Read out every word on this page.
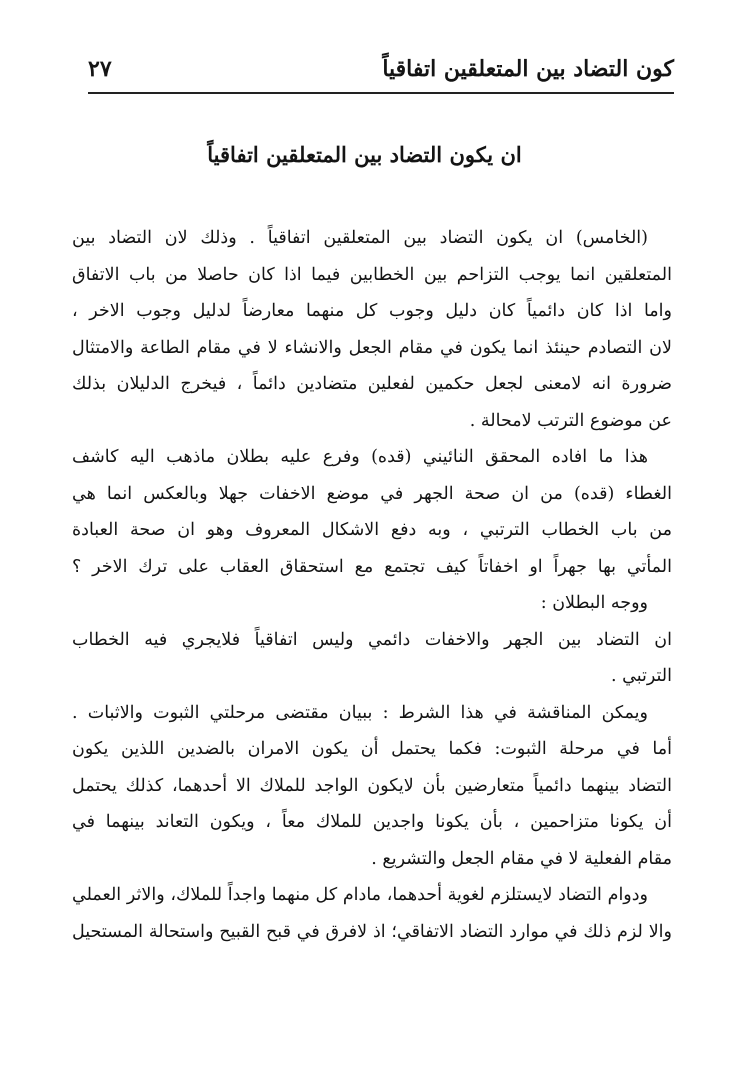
كون التضاد بين المتعلقين اتفاقياً
٢٧
ان يكون التضاد بين المتعلقين اتفاقياً
(الخامس) ان يكون التضاد بين المتعلقين اتفاقياً . وذلك لان التضاد بين
المتعلقين انما يوجب التزاحم بين الخطابين فيما اذا كان حاصلا من باب الاتفاق
واما اذا كان دائمياً كان دليل وجوب كل منهما معارضاً لدليل وجوب الاخر ،
لان التصادم حينئذ انما يكون في مقام الجعل والانشاء لا في مقام الطاعة والامتثال
ضرورة انه لامعنى لجعل حكمين لفعلين متضادين دائماً ، فيخرج الدليلان بذلك
عن موضوع الترتب لامحالة .
هذا ما افاده المحقق النائيني (قده) وفرع عليه بطلان ماذهب اليه كاشف
الغطاء (قده) من ان صحة الجهر في موضع الاخفات جهلا وبالعكس انما هي
من باب الخطاب الترتبي ، وبه دفع الاشكال المعروف وهو ان صحة العبادة
المأتي بها جهراً او اخفاتاً كيف تجتمع مع استحقاق العقاب على ترك الاخر ؟
ووجه البطلان :
ان التضاد بين الجهر والاخفات دائمي وليس اتفاقياً فلايجري فيه الخطاب
الترتبي .
ويمكن المناقشة في هذا الشرط : ببيان مقتضى مرحلتي الثبوت والاثبات .
أما في مرحلة الثبوت: فكما يحتمل أن يكون الامران بالضدين اللذين يكون
التضاد بينهما دائمياً متعارضين بأن لايكون الواجد للملاك الا أحدهما، كذلك يحتمل
أن يكونا متزاحمين ، بأن يكونا واجدين للملاك معاً ، ويكون التعاند بينهما في
مقام الفعلية لا في مقام الجعل والتشريع .
ودوام التضاد لايستلزم لغوية أحدهما، مادام كل منهما واجداً للملاك، والاثر العملي
والا لزم ذلك في موارد التضاد الاتفاقي؛ اذ لافرق في قبح القبيح واستحالة المستحيل
